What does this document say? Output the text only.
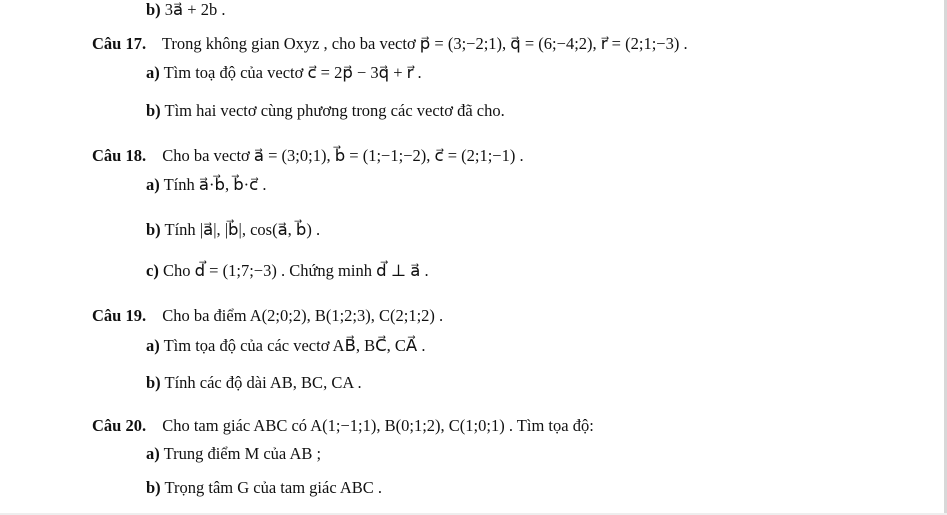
b) 3a⃗ + 2b .
Câu 17. Trong không gian Oxyz , cho ba vectơ p⃗ = (3;−2;1), q⃗ = (6;−4;2), r⃗ = (2;1;−3) .
a) Tìm toạ độ của vectơ c⃗ = 2p⃗ − 3q⃗ + r⃗ .
b) Tìm hai vectơ cùng phương trong các vectơ đã cho.
Câu 18. Cho ba vectơ a⃗ = (3;0;1), b⃗ = (1;−1;−2), c⃗ = (2;1;−1) .
a) Tính a⃗·b⃗, b⃗·c⃗ .
b) Tính |a⃗|, |b⃗|, cos(a⃗, b⃗) .
c) Cho d⃗ = (1;7;−3) . Chứng minh d⃗ ⊥ a⃗ .
Câu 19. Cho ba điểm A(2;0;2), B(1;2;3), C(2;1;2) .
a) Tìm tọa độ của các vectơ AB⃗, BC⃗, CA⃗ .
b) Tính các độ dài AB, BC, CA .
Câu 20. Cho tam giác ABC có A(1;−1;1), B(0;1;2), C(1;0;1) . Tìm tọa độ:
a) Trung điểm M của AB ;
b) Trọng tâm G của tam giác ABC .
